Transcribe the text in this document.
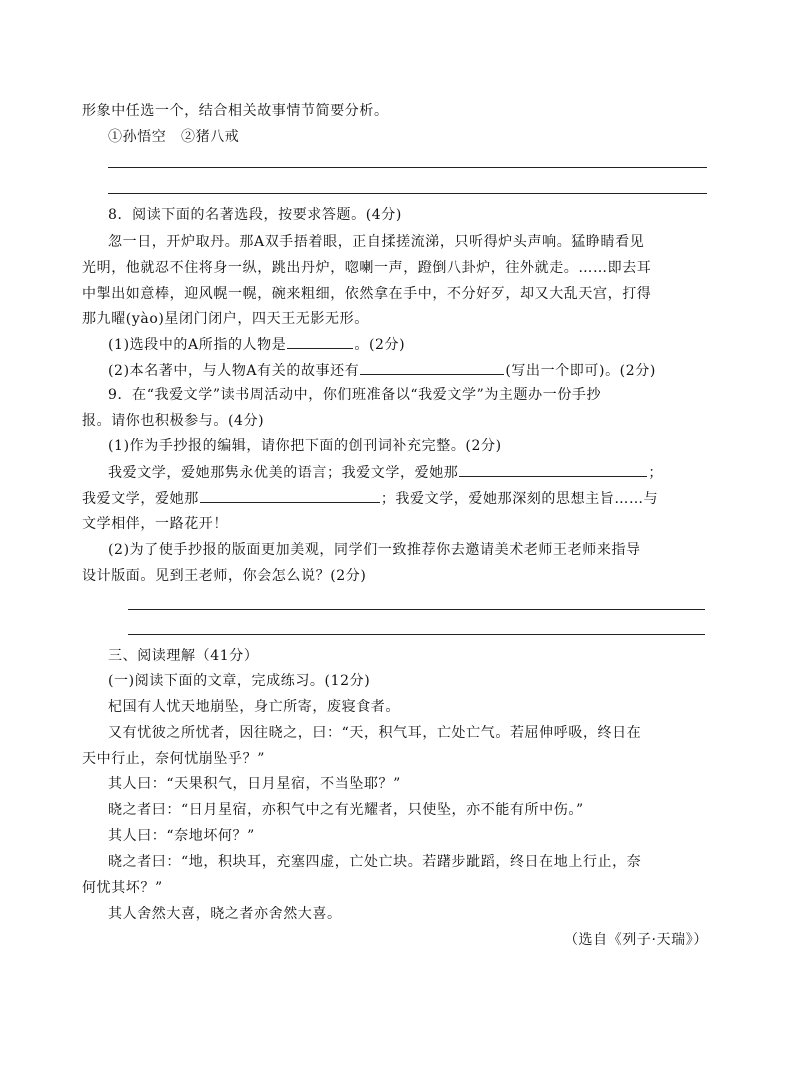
形象中任选一个，结合相关故事情节简要分析。
①孙悟空　②猪八戒
8．阅读下面的名著选段，按要求答题。(4分)
忽一日，开炉取丹。那A双手捂着眼，正自揉搓流涕，只听得炉头声响。猛睁睛看见
光明，他就忍不住将身一纵，跳出丹炉，唿喇一声，蹬倒八卦炉，往外就走。……即去耳
中掣出如意棒，迎风幌一幌，碗来粗细，依然拿在手中，不分好歹，却又大乱天宫，打得
那九曜(yào)星闭门闭户，四天王无影无形。
(1)选段中的A所指的人物是	。(2分)
(2)本名著中，与人物A有关的故事还有	(写出一个即可)。(2分)
9．在“我爱文学”读书周活动中，你们班准备以“我爱文学”为主题办一份手抄
报。请你也积极参与。(4分)
(1)作为手抄报的编辑，请你把下面的创刊词补充完整。(2分)
我爱文学，爱她那隽永优美的语言；我爱文学，爱她那	；
我爱文学，爱她那	；我爱文学，爱她那深刻的思想主旨……与
文学相伴，一路花开！
(2)为了使手抄报的版面更加美观，同学们一致推荐你去邀请美术老师王老师来指导
设计版面。见到王老师，你会怎么说？(2分)
三、阅读理解（41分）
(一)阅读下面的文章，完成练习。(12分)
杞国有人忧天地崩坠，身亡所寄，废寝食者。
又有忧彼之所忧者，因往晓之，曰：“天，积气耳，亡处亡气。若屈伸呼吸，终日在
天中行止，奈何忧崩坠乎？”
其人曰：“天果积气，日月星宿，不当坠耶？”
晓之者曰：“日月星宿，亦积气中之有光耀者，只使坠，亦不能有所中伤。”
其人曰：“奈地坏何？”
晓之者曰：“地，积块耳，充塞四虚，亡处亡块。若躇步跐蹈，终日在地上行止，奈
何忧其坏？”
其人舍然大喜，晓之者亦舍然大喜。
（选自《列子·天瑞》）
